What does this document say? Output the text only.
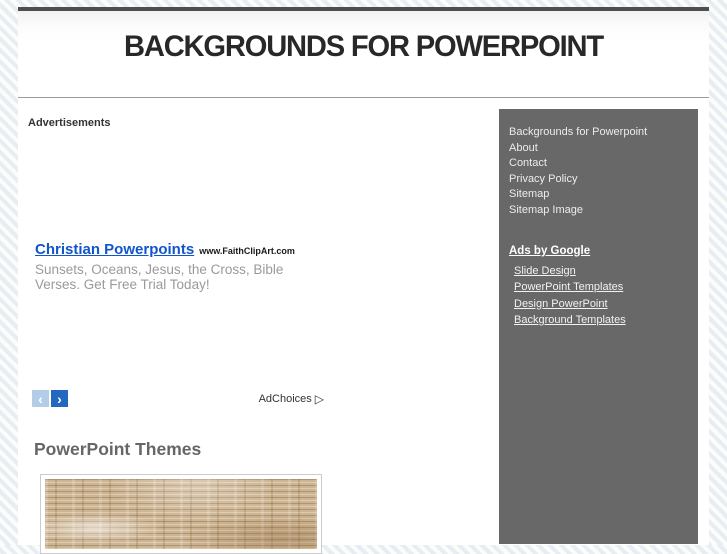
BACKGROUNDS FOR POWERPOINT
Advertisements
Christian Powerpoints www.FaithClipArt.com
Sunsets, Oceans, Jesus, the Cross, Bible
Verses. Get Free Trial Today!
‹ ›	AdChoices ▷
PowerPoint Themes
Backgrounds for Powerpoint
About
Contact
Privacy Policy
Sitemap
Sitemap Image
Ads by Google
Slide Design
PowerPoint Templates
Design PowerPoint
Background Templates
